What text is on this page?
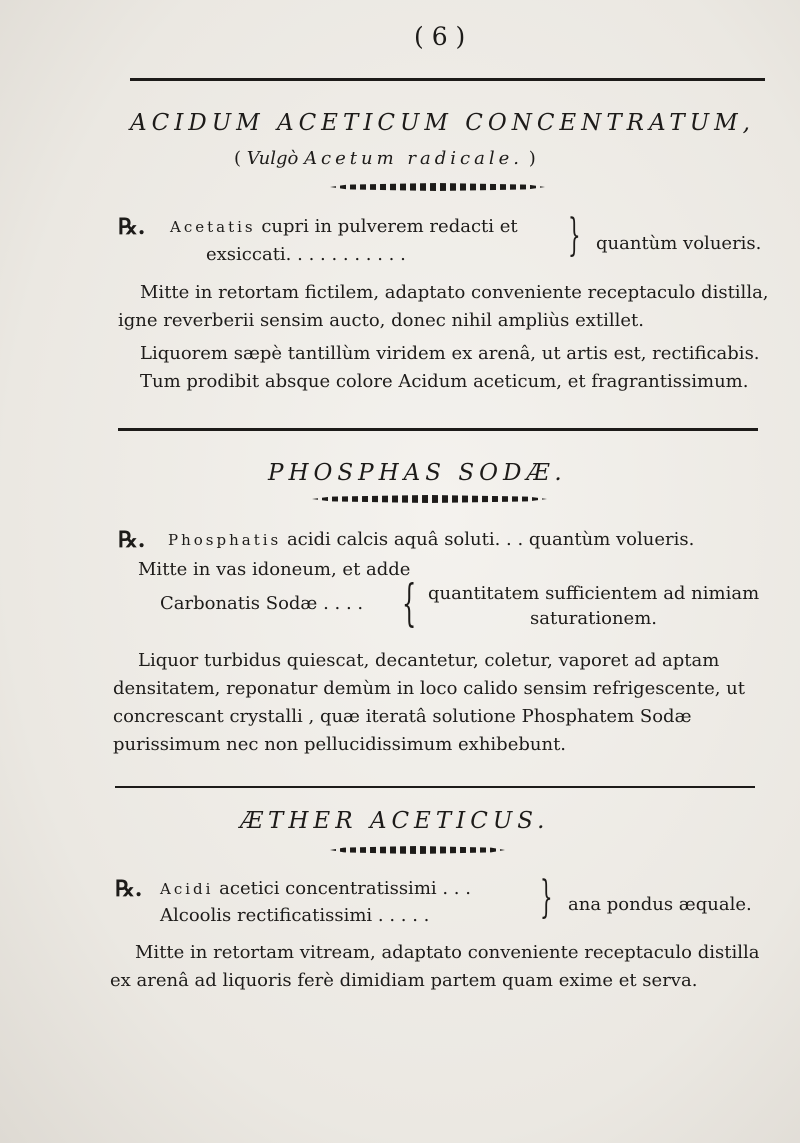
( 6 )
ACIDUM ACETICUM CONCENTRATUM,
( Vulgò Acetum radicale. )
℞. Acetatis cupri in pulverem redacti et
exsiccati. . . . . . . . . . .	} quantùm volueris.
Mitte in retortam fictilem, adaptato conveniente receptaculo distilla,
igne reverberii sensim aucto, donec nihil ampliùs extillet.
Liquorem sæpè tantillùm viridem ex arenâ, ut artis est, rectificabis.
Tum prodibit absque colore Acidum aceticum, et fragrantissimum.
PHOSPHAS SODÆ.
℞. Phosphatis acidi calcis aquâ soluti. . . quantùm volueris.
Mitte in vas idoneum, et adde
Carbonatis Sodæ . . . . { quantitatem sufficientem ad nimiam
saturationem.
Liquor turbidus quiescat, decantetur, coletur, vaporet ad aptam
densitatem, reponatur demùm in loco calido sensim refrigescente, ut
concrescant crystalli , quæ iteratâ solutione Phosphatem Sodæ
purissimum nec non pellucidissimum exhibebunt.
ÆTHER ACETICUS.
℞. Acidi acetici concentratissimi . . .
Alcoolis rectificatissimi . . . . .	} ana pondus æquale.
Mitte in retortam vitream, adaptato conveniente receptaculo distilla
ex arenâ ad liquoris ferè dimidiam partem quam exime et serva.
